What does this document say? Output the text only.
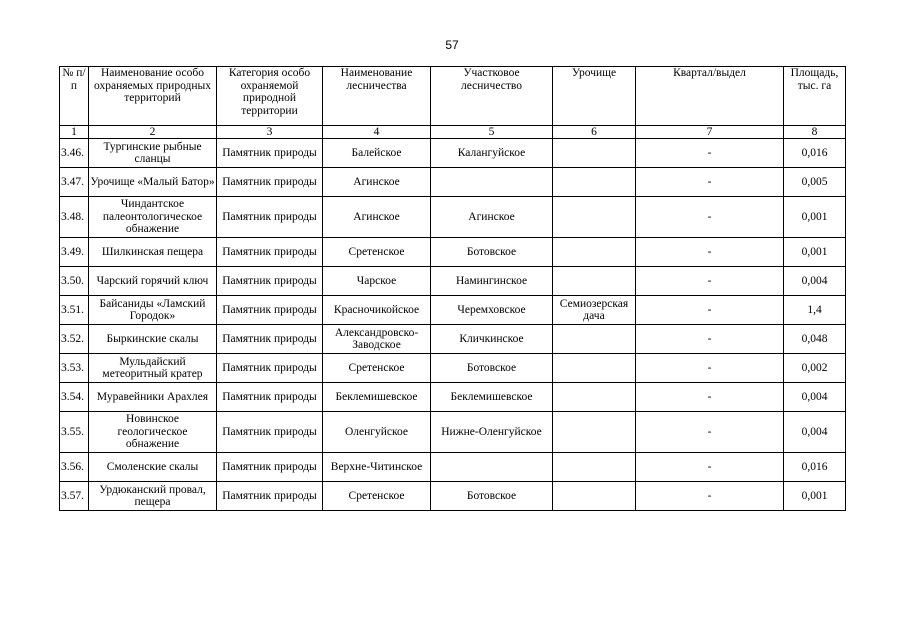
57
№ п/п	Наименование особо охраняемых природных территорий	Категория особо охраняемой природной территории	Наименование лесничества	Участковое лесничество	Урочище	Квартал/выдел	Площадь, тыс. га
1	2	3	4	5	6	7	8
3.46.	Тургинские рыбные сланцы	Памятник природы	Балейское	Калангуйское		-	0,016
3.47.	Урочище «Малый Батор»	Памятник природы	Агинское			-	0,005
3.48.	Чиндантское палеонтологическое обнажение	Памятник природы	Агинское	Агинское		-	0,001
3.49.	Шилкинская пещера	Памятник природы	Сретенское	Ботовское		-	0,001
3.50.	Чарский горячий ключ	Памятник природы	Чарское	Намингинское		-	0,004
3.51.	Байсаниды «Ламский Городок»	Памятник природы	Красночикойское	Черемховское	Семиозерская дача	-	1,4
3.52.	Быркинские скалы	Памятник природы	Александровско-Заводское	Кличкинское		-	0,048
3.53.	Мульдайский метеоритный кратер	Памятник природы	Сретенское	Ботовское		-	0,002
3.54.	Муравейники Арахлея	Памятник природы	Беклемишевское	Беклемишевское		-	0,004
3.55.	Новинское геологическое обнажение	Памятник природы	Оленгуйское	Нижне-Оленгуйское		-	0,004
3.56.	Смоленские скалы	Памятник природы	Верхне-Читинское			-	0,016
3.57.	Урдюканский провал, пещера	Памятник природы	Сретенское	Ботовское		-	0,001
